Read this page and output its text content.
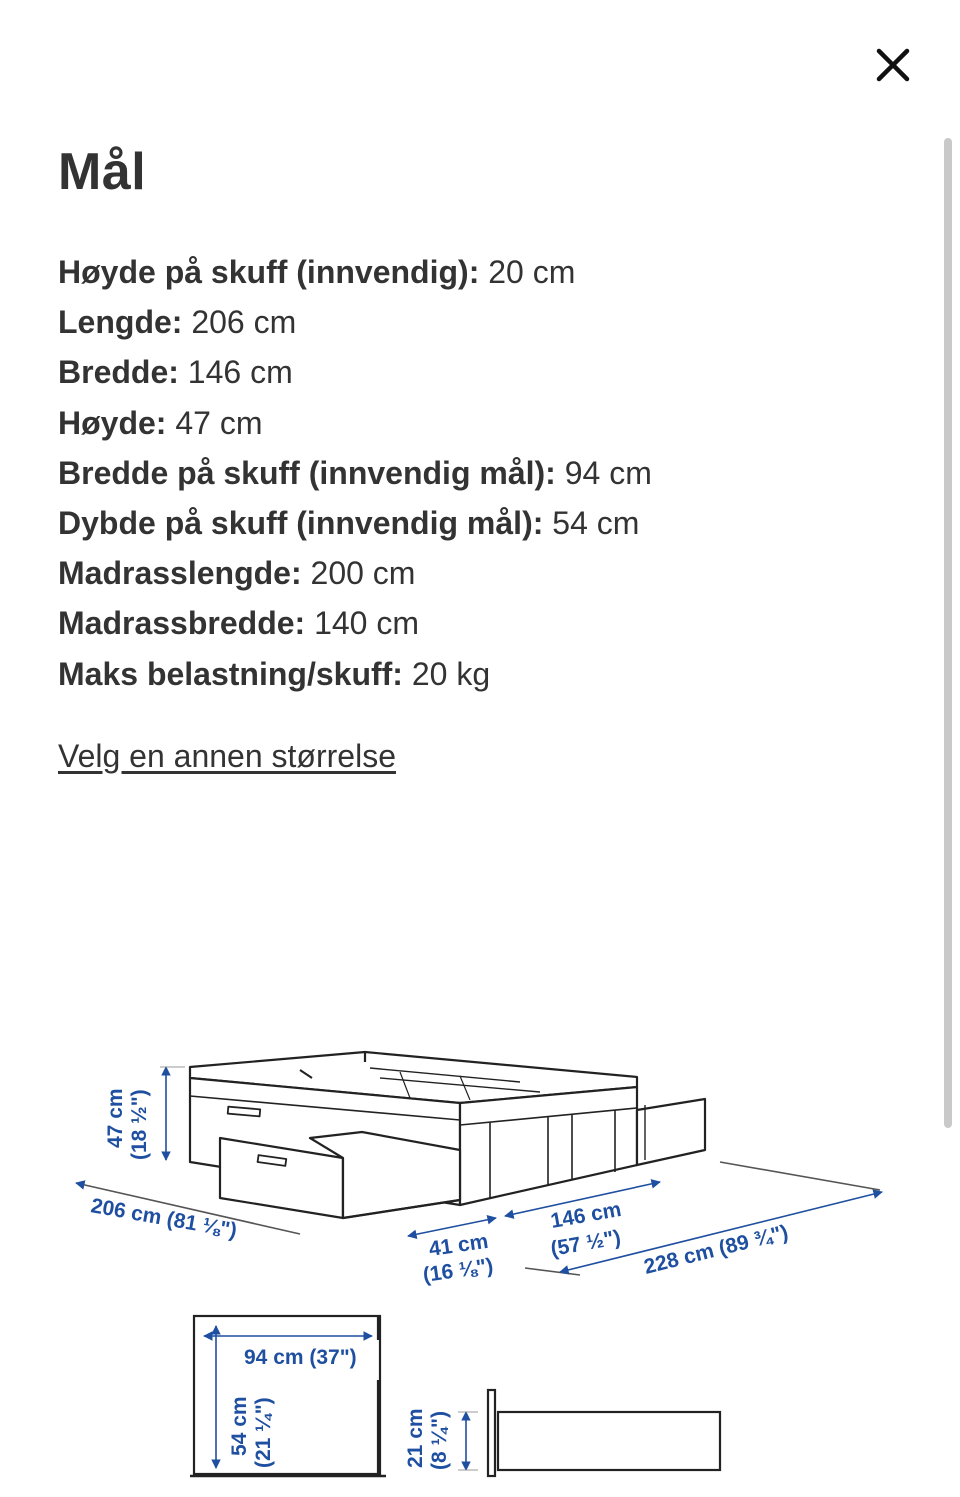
Mål
Høyde på skuff (innvendig): 20 cm
Lengde: 206 cm
Bredde: 146 cm
Høyde: 47 cm
Bredde på skuff (innvendig mål): 94 cm
Dybde på skuff (innvendig mål): 54 cm
Madrasslengde: 200 cm
Madrassbredde: 140 cm
Maks belastning/skuff: 20 kg
Velg en annen størrelse
47 cm (18 ½")
206 cm (81 ⅛")
41 cm
(16 ⅛")
146 cm
(57 ½") 228 cm (89 ¾")
94 cm (37")
54 cm (21 ¼")	21 cm (8 ¼")
